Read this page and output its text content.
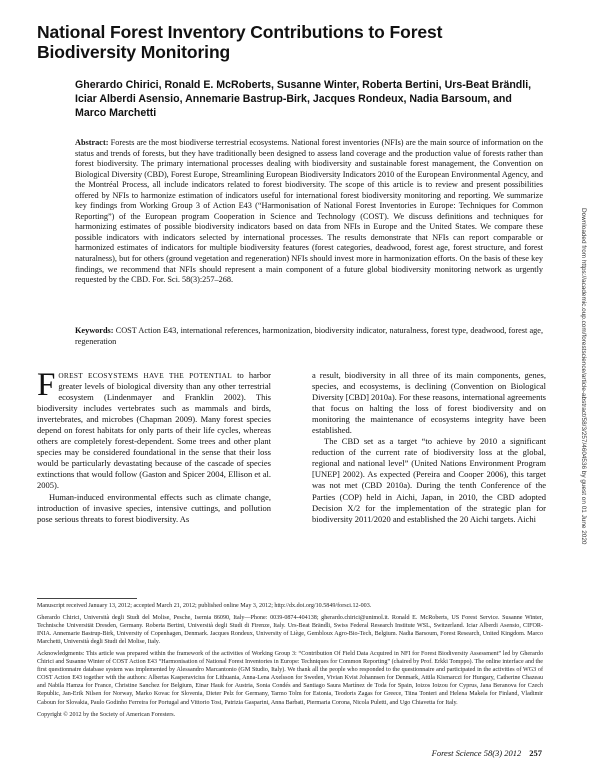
National Forest Inventory Contributions to Forest Biodiversity Monitoring
Gherardo Chirici, Ronald E. McRoberts, Susanne Winter, Roberta Bertini, Urs-Beat Brändli, Iciar Alberdi Asensio, Annemarie Bastrup-Birk, Jacques Rondeux, Nadia Barsoum, and Marco Marchetti
Abstract: Forests are the most biodiverse terrestrial ecosystems. National forest inventories (NFIs) are the main source of information on the status and trends of forests, but they have traditionally been designed to assess land coverage and the production value of forests rather than forest biodiversity. The primary international processes dealing with biodiversity and sustainable forest management, the Convention on Biological Diversity (CBD), Forest Europe, Streamlining European Biodiversity Indicators 2010 of the European Environmental Agency, and the Montréal Process, all include indicators related to forest biodiversity. The scope of this article is to review and present possibilities offered by NFIs to harmonize estimation of indicators useful for international forest biodiversity monitoring and reporting. We summarize key findings from Working Group 3 of Action E43 (“Harmonisation of National Forest Inventories in Europe: Techniques for Common Reporting”) of the European program Cooperation in Science and Technology (COST). We discuss definitions and techniques for harmonizing estimates of possible biodiversity indicators based on data from NFIs in Europe and the United States. We compare these possible indicators with indicators selected by international processes. The results demonstrate that NFIs can report comparable or harmonized estimates of indicators for multiple biodiversity features (forest categories, deadwood, forest age, forest structure, and forest naturalness), but for others (ground vegetation and regeneration) NFIs should invest more in harmonization efforts. On the basis of these key findings, we recommend that NFIs should represent a main component of a future global biodiversity monitoring network as urgently requested by the CBD. For. Sci. 58(3):257–268.
Keywords: COST Action E43, international references, harmonization, biodiversity indicator, naturalness, forest type, deadwood, forest age, regeneration

FOREST ECOSYSTEMS HAVE THE POTENTIAL to harbor greater levels of biological diversity than any other terrestrial ecosystem (Lindenmayer and Franklin 2002). This biodiversity includes vertebrates such as mammals and birds, invertebrates, and microbes (Chapman 2009). Many forest species depend on forest habitats for only parts of their life cycles, whereas others are completely forest-dependent. Some trees and other plant species may be considered foundational in the sense that their loss would be particularly devastating because of the cascade of species extinctions that would follow (Gaston and Spicer 2004, Ellison et al. 2005).

Human-induced environmental effects such as climate change, introduction of invasive species, intensive cuttings, and pollution pose serious threats to forest biodiversity. As

a result, biodiversity in all three of its main components, genes, species, and ecosystems, is declining (Convention on Biological Diversity [CBD] 2010a). For these reasons, international agreements that focus on halting the loss of forest biodiversity and on monitoring the maintenance of ecosystems integrity have been established.

The CBD set as a target “to achieve by 2010 a significant reduction of the current rate of biodiversity loss at the global, regional and national level” (United Nations Environment Program [UNEP] 2002). As expected (Pereira and Cooper 2006), this target was not met (CBD 2010a). During the tenth Conference of the Parties (COP) held in Aichi, Japan, in 2010, the CBD adopted Decision X/2 for the implementation of the strategic plan for biodiversity 2011/2020 and established the 20 Aichi targets. Aichi

Manuscript received January 13, 2012; accepted March 21, 2012; published online May 3, 2012; http://dx.doi.org/10.5849/forsci.12-003.

Gherardo Chirici, Università degli Studi del Molise, Pesche, Isernia 86090, Italy—Phone: 0039-0874-404138; gherardo.chirici@unimol.it. Ronald E. McRoberts, US Forest Service. Susanne Winter, Technische Universität Dresden, Germany. Roberta Bertini, Università degli Studi di Firenze, Italy. Urs-Beat Brändli, Swiss Federal Research Institute WSL, Switzerland. Iciar Alberdi Asensio, CIFOR-INIA. Annemarie Bastrup-Birk, University of Copenhagen, Denmark. Jacques Rondeux, University of Liège, Gembloux Agro-Bio-Tech, Belgium. Nadia Barsoum, Forest Research, United Kingdom. Marco Marchetti, Università degli Studi del Molise, Italy.

Acknowledgments: This article was prepared within the framework of the activities of Working Group 3: “Contribution Of Field Data Acquired in NFI for Forest Biodiversity Assessment” led by Gherardo Chirici and Susanne Winter of COST Action E43 “Harmonisation of National Forest Inventories in Europe: Techniques for Common Reporting” (chaired by Prof. Erkki Tomppo). The online interface and the first questionnaire database system was implemented by Alessandro Marcantonio (GM Studio, Italy). We thank all the people who responded to the questionnaire and participated in the activities of WG3 of COST Action E43 together with the authors: Albertas Kasperavicius for Lithuania, Anna-Lena Axelsson for Sweden, Vivian Kvist Johannsen for Denmark, Attila Kismarczi for Hungary, Catherine Chazeau and Nabila Hamza for France, Christine Sanchez for Belgium, Einar Hauk for Austria, Sonia Condés and Santiago Saura Martínez de Toda for Spain, Ioizos Ioizou for Cyprus, Jana Beranova for Czech Republic, Jan-Erik Nilsen for Norway, Marko Kovac for Slovenia, Dieter Pelz for Germany, Tarmo Tolm for Estonia, Teodoris Zagas for Greece, Tiina Tonteri and Helena Makela for Finland, Vladimir Caboun for Slovakia, Paulo Godinho Ferreira for Portugal and Vittorio Tosi, Patrizia Gasparini, Anna Barbati, Piermaria Corona, Nicola Puletti, and Ugo Chiavetta for Italy.

Copyright © 2012 by the Society of American Foresters.

Forest Science 58(3) 2012 257
Downloaded from https://academic.oup.com/forestscience/article-abstract/58/3/257/4604536 by guest on 01 June 2020
